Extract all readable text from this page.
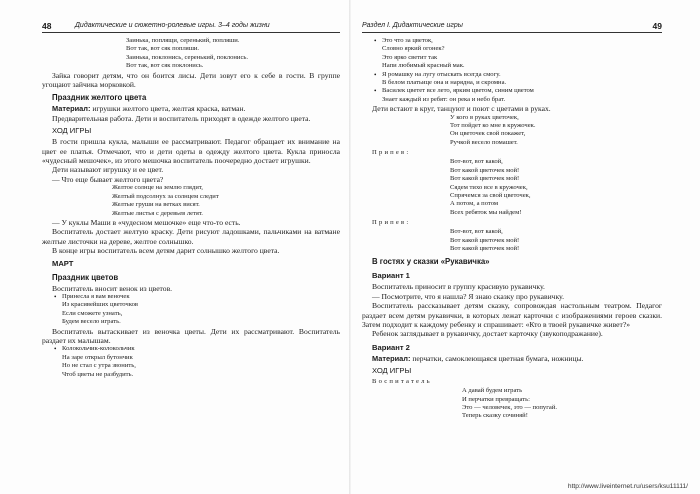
48	Дидактические и сюжетно-ролевые игры. 3–4 годы жизни
Заинька, поплящи, серенький, попляши.
Вот так, вот сяк попляши.
Заинька, поклонись, серенький, поклонись.
Вот так, вот сяк поклонись.
Зайка говорит детям, что он боится лисы. Дети зовут его к себе в гости. В группе угощают зайчика морковкой.
Праздник желтого цвета
Материал: игрушки желтого цвета, желтая краска, ватман.
Предварительная работа. Дети и воспитатель приходят в одежде желтого цвета.
ХОД ИГРЫ
В гости пришла кукла, малыши ее рассматривают. Педагог обращает их внимание на цвет ее платья. Отмечают, что и дети одеты в одежду желтого цвета. Кукла приносла «чудесный мешочек», из этого мешочка воспитатель поочередно достает игрушки.
Дети называют игрушку и ее цвет.
— Что еще бывает желтого цвета?
Желтое солнце на землю глядит,
Желтый подсолнух за солнцем следит
Желтые груши на ветках висят.
Желтые листья с деревьев летят.
— У куклы Маши в «чудесном мешочке» еще что-то есть.
Воспитатель достает желтую краску. Дети рисуют ладошками, пальчиками на ватмане желтые листочки на дереве, желтое солнышко.
В конце игры воспитатель всем детям дарит солнышко желтого цвета.
МАРТ
Праздник цветов
Воспитатель вносит венок из цветов.
• Принесла я вам веночек
Из красивейших цветочков
Если сможете узнать,
Будем весело играть.
Воспитатель вытаскивает из веночка цветы. Дети их рассматривают. Воспитатель раздает их малышам.
• Колокольчик-колокольчик
На заре открыл бутончик
Но не стал с утра звонить,
Чтоб цветы не разбудить.
Раздел I. Дидактические игры	49
• Это что за цветок,
Словно яркий огонек?
Это ярко светит так
Напи любимый красный мак.
• Я ромашку на лугу отыскать всегда смогу.
В белом платьице она и нарядна, и скромна.
• Василек цветет все лето, ярким цветом, синим цветом
Знает каждый из ребят: он река и небо брат.
Дети встают в круг, танцуют и поют с цветами в руках.
У кого в руках цветочек,
Тот пойдет ко мне в кружочек.
Он цветочек свой покажет,
Ручкой весело помашет.
Припев:
Вот-вот, вот какой,
Вот какой цветочек мой!
Вот какой цветочек мой!
Сядем тихо все в кружочек,
Спрячемся за свой цветочек,
А потом, а потом
Всех ребяток мы найдем!
Припев:
Вот-вот, вот какой,
Вот какой цветочек мой!
Вот какой цветочек мой!
В гостях у сказки «Рукавичка»
Вариант 1
Воспитатель приносит в группу красивую рукавичку.
— Посмотрите, что я нашла? Я знаю сказку про рукавичку.
Воспитатель рассказывает детям сказку, сопровождая настольным театром. Педагог раздает всем детям рукавички, в которых лежат карточки с изображениями героев сказки. Затем подходит к каждому ребенку и спрашивает: «Кто в твоей рукавичке живет?»
Ребенок заглядывает в рукавичку, достает карточку (звукоподражание).
Вариант 2
Материал: перчатки, самоклеющаяся цветная бумага, ножницы.
ХОД ИГРЫ
Воспитатель
А давай будем играть
И перчатки превращать:
Это — человечек, это — попугай.
Теперь сказку сочиняй!
http://www.liveinternet.ru/users/ksu11111/
